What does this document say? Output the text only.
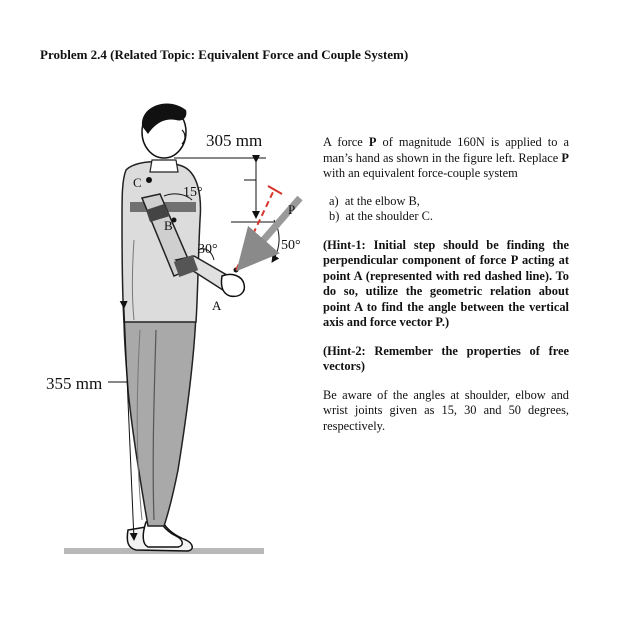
Problem 2.4 (Related Topic: Equivalent Force and Couple System)
305 mm
355 mm
15°
30°	50°
C
B
A
P

A force P of magnitude 160N is applied to a man’s hand as shown in the figure left. Replace P with an equivalent force-couple system

a) at the elbow B,
b) at the shoulder C.

(Hint-1: Initial step should be finding the perpendicular component of force P acting at point A (represented with red dashed line). To do so, utilize the geometric relation about point A to find the angle between the vertical axis and force vector P.)

(Hint-2: Remember the properties of free vectors)

Be aware of the angles at shoulder, elbow and wrist joints given as 15, 30 and 50 degrees, respectively.
